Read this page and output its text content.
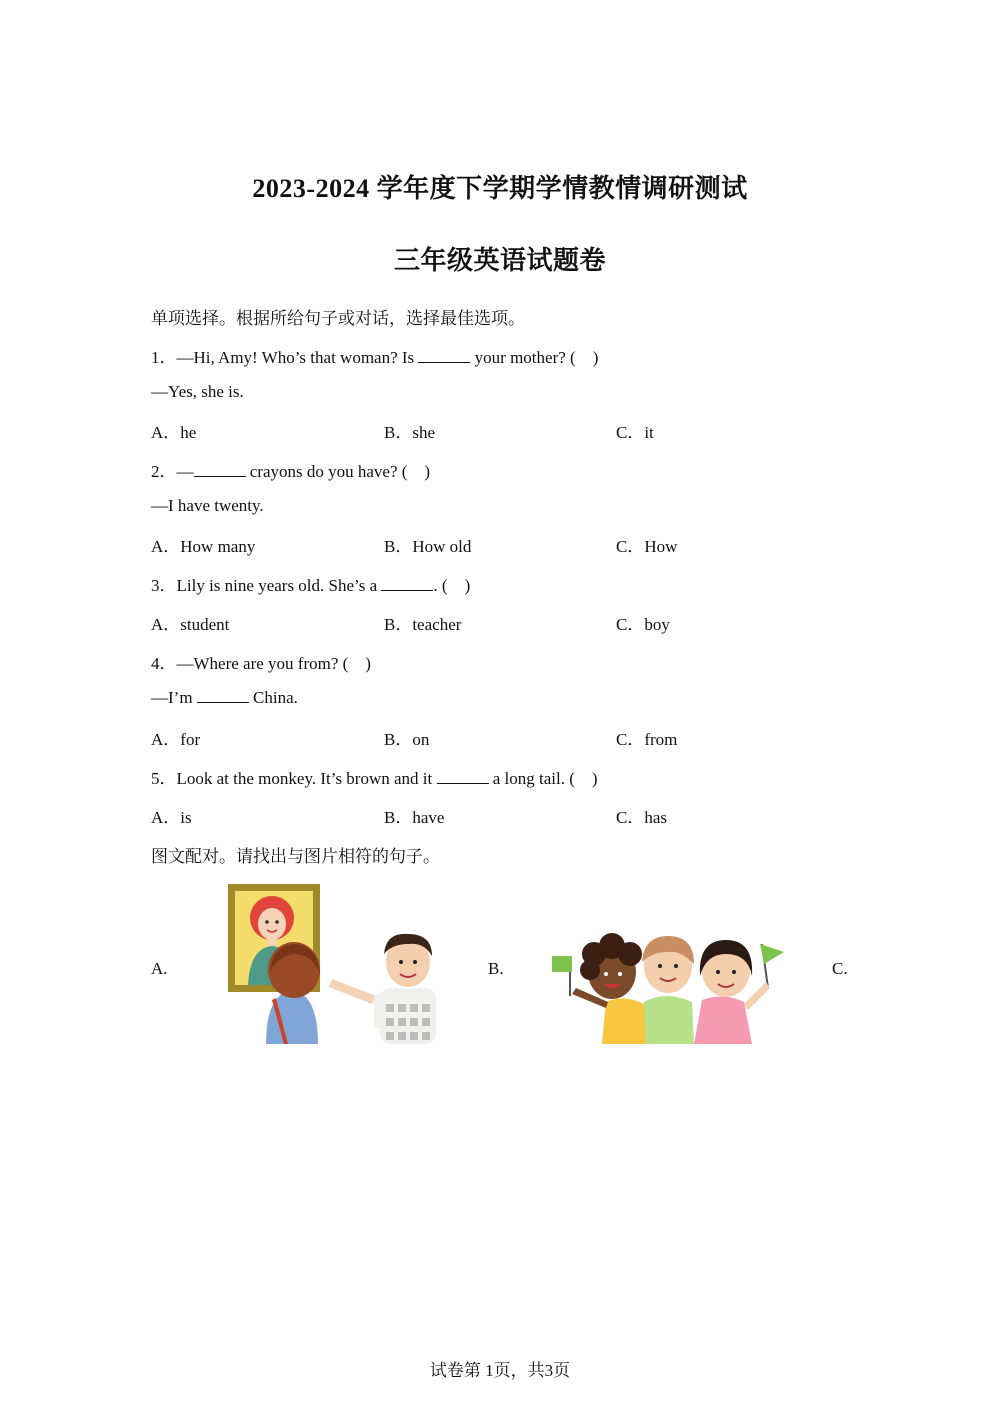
2023-2024 学年度下学期学情教情调研测试
三年级英语试题卷
单项选择。根据所给句子或对话，选择最佳选项。
1．—Hi, Amy! Who’s that woman? Is	your mother? (　)
—Yes, she is.
A．he	B．she	C．it
2．—	crayons do you have? (　)
—I have twenty.
A．How many	B．How old	C．How
3．Lily is nine years old. She’s a	. (　)
A．student	B．teacher	C．boy
4．—Where are you from? (　)
—I’m	China.
A．for	B．on	C．from
5．Look at the monkey. It’s brown and it	a long tail. (　)
A．is	B．have	C．has
图文配对。请找出与图片相符的句子。
A.	B.	C.
试卷第 1页，共3页
